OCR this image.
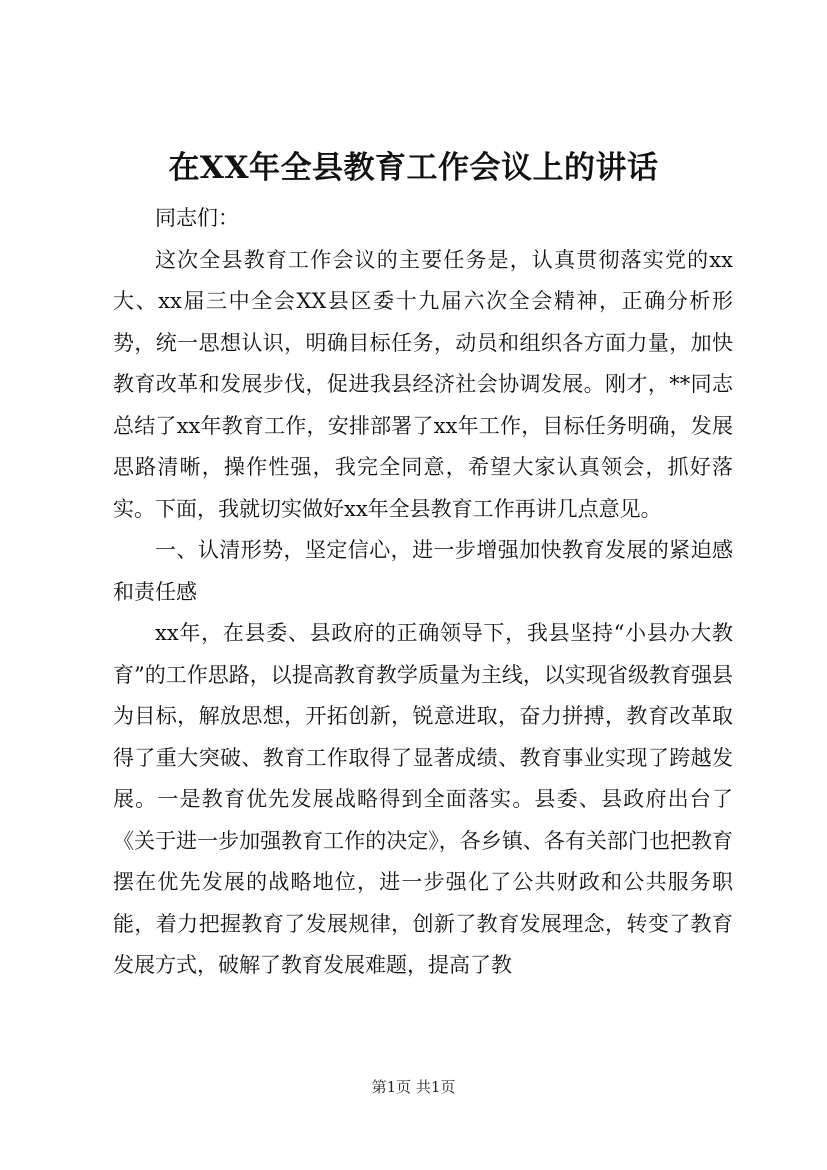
在XX年全县教育工作会议上的讲话

同志们：

这次全县教育工作会议的主要任务是，认真贯彻落实党的xx大、xx届三中全会XX县区委十九届六次全会精神，正确分析形势，统一思想认识，明确目标任务，动员和组织各方面力量，加快教育改革和发展步伐，促进我县经济社会协调发展。刚才，**同志总结了xx年教育工作，安排部署了xx年工作，目标任务明确，发展思路清晰，操作性强，我完全同意，希望大家认真领会，抓好落实。下面，我就切实做好xx年全县教育工作再讲几点意见。

一、认清形势，坚定信心，进一步增强加快教育发展的紧迫感和责任感

xx年，在县委、县政府的正确领导下，我县坚持“小县办大教育”的工作思路，以提高教育教学质量为主线，以实现省级教育强县为目标，解放思想，开拓创新，锐意进取，奋力拼搏，教育改革取得了重大突破、教育工作取得了显著成绩、教育事业实现了跨越发展。一是教育优先发展战略得到全面落实。县委、县政府出台了《关于进一步加强教育工作的决定》，各乡镇、各有关部门也把教育摆在优先发展的战略地位，进一步强化了公共财政和公共服务职能，着力把握教育了发展规律，创新了教育发展理念，转变了教育发展方式，破解了教育发展难题，提高了教

第1页 共1页
